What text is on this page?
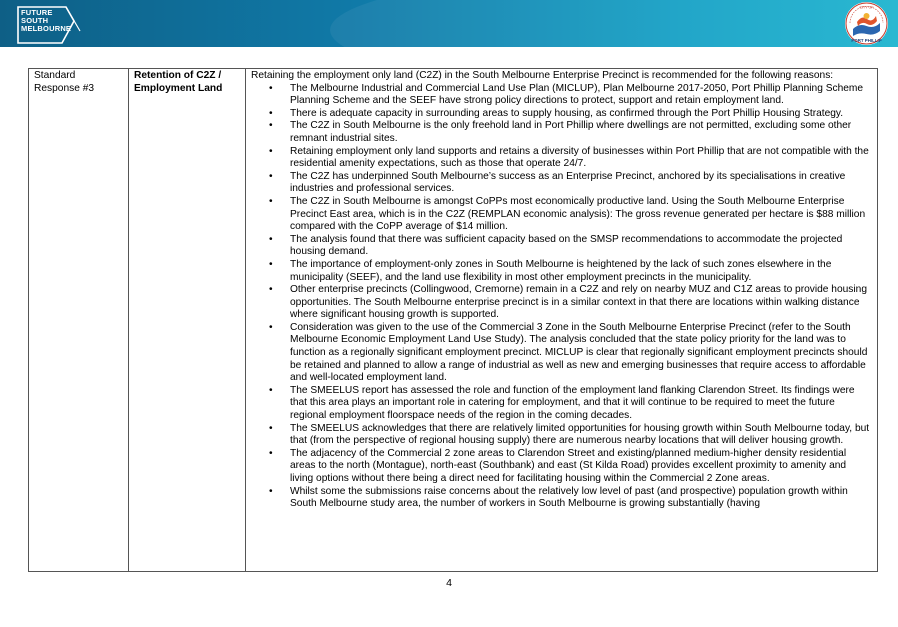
FUTURE
SOUTH
MELBOURNE
PORT PHILLIP
CITY OF
Standard Response #3

Retention of C2Z / Employment Land

Retaining the employment only land (C2Z) in the South Melbourne Enterprise Precinct is recommended for the following reasons:
• The Melbourne Industrial and Commercial Land Use Plan (MICLUP), Plan Melbourne 2017-2050, Port Phillip Planning Scheme Planning Scheme and the SEEF have strong policy directions to protect, support and retain employment land.
• There is adequate capacity in surrounding areas to supply housing, as confirmed through the Port Phillip Housing Strategy.
• The C2Z in South Melbourne is the only freehold land in Port Phillip where dwellings are not permitted, excluding some other remnant industrial sites.
• Retaining employment only land supports and retains a diversity of businesses within Port Phillip that are not compatible with the residential amenity expectations, such as those that operate 24/7.
• The C2Z has underpinned South Melbourne’s success as an Enterprise Precinct, anchored by its specialisations in creative industries and professional services.
• The C2Z in South Melbourne is amongst CoPPs most economically productive land. Using the South Melbourne Enterprise Precinct East area, which is in the C2Z (REMPLAN economic analysis): The gross revenue generated per hectare is $88 million compared with the CoPP average of $14 million.
• The analysis found that there was sufficient capacity based on the SMSP recommendations to accommodate the projected housing demand.
• The importance of employment-only zones in South Melbourne is heightened by the lack of such zones elsewhere in the municipality (SEEF), and the land use flexibility in most other employment precincts in the municipality.
• Other enterprise precincts (Collingwood, Cremorne) remain in a C2Z and rely on nearby MUZ and C1Z areas to provide housing opportunities. The South Melbourne enterprise precinct is in a similar context in that there are locations within walking distance where significant housing growth is supported.
• Consideration was given to the use of the Commercial 3 Zone in the South Melbourne Enterprise Precinct (refer to the South Melbourne Economic Employment Land Use Study). The analysis concluded that the state policy priority for the land was to function as a regionally significant employment precinct. MICLUP is clear that regionally significant employment precincts should be retained and planned to allow a range of industrial as well as new and emerging businesses that require access to affordable and well-located employment land.
• The SMEELUS report has assessed the role and function of the employment land flanking Clarendon Street. Its findings were that this area plays an important role in catering for employment, and that it will continue to be required to meet the future regional employment floorspace needs of the region in the coming decades.
• The SMEELUS acknowledges that there are relatively limited opportunities for housing growth within South Melbourne today, but that (from the perspective of regional housing supply) there are numerous nearby locations that will deliver housing growth.
• The adjacency of the Commercial 2 zone areas to Clarendon Street and existing/planned medium-higher density residential areas to the north (Montague), north-east (Southbank) and east (St Kilda Road) provides excellent proximity to amenity and living options without there being a direct need for facilitating housing within the Commercial 2 Zone areas.
• Whilst some the submissions raise concerns about the relatively low level of past (and prospective) population growth within South Melbourne study area, the number of workers in South Melbourne is growing substantially (having
4
